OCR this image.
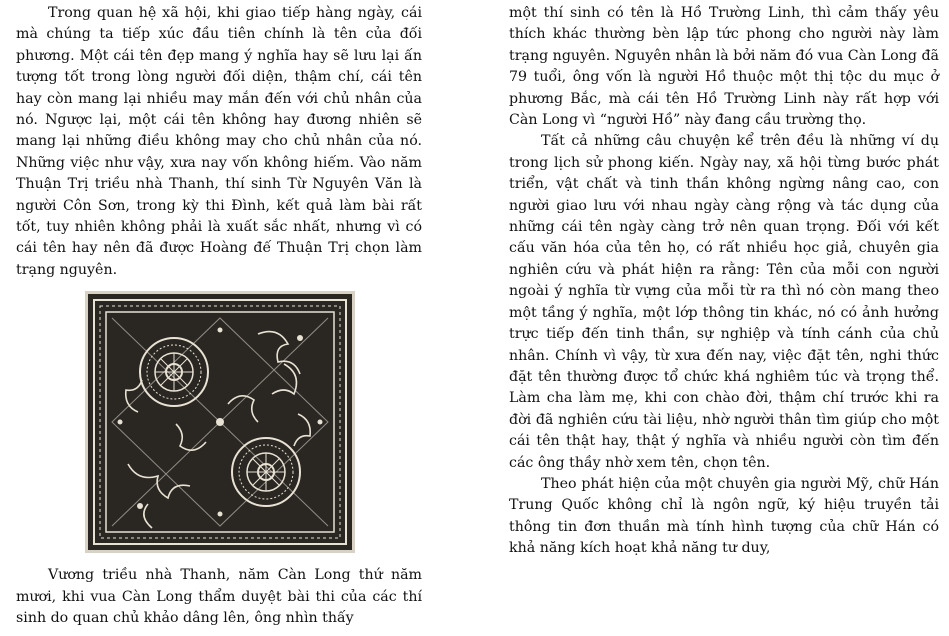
Trong quan hệ xã hội, khi giao tiếp hàng ngày, cái mà chúng ta tiếp xúc đầu tiên chính là tên của đối phương. Một cái tên đẹp mang ý nghĩa hay sẽ lưu lại ấn tượng tốt trong lòng người đối diện, thậm chí, cái tên hay còn mang lại nhiều may mắn đến với chủ nhân của nó. Ngược lại, một cái tên không hay đương nhiên sẽ mang lại những điều không may cho chủ nhân của nó. Những việc như vậy, xưa nay vốn không hiếm. Vào năm Thuận Trị triều nhà Thanh, thí sinh Từ Nguyên Văn là người Côn Sơn, trong kỳ thi Đình, kết quả làm bài rất tốt, tuy nhiên không phải là xuất sắc nhất, nhưng vì có cái tên hay nên đã được Hoàng đế Thuận Trị chọn làm trạng nguyên.

Vương triều nhà Thanh, năm Càn Long thứ năm mươi, khi vua Càn Long thẩm duyệt bài thi của các thí sinh do quan chủ khảo dâng lên, ông nhìn thấy

một thí sinh có tên là Hồ Trường Linh, thì cảm thấy yêu thích khác thường bèn lập tức phong cho người này làm trạng nguyên. Nguyên nhân là bởi năm đó vua Càn Long đã 79 tuổi, ông vốn là người Hồ thuộc một thị tộc du mục ở phương Bắc, mà cái tên Hồ Trường Linh này rất hợp với Càn Long vì “người Hồ” này đang cầu trường thọ.

Tất cả những câu chuyện kể trên đều là những ví dụ trong lịch sử phong kiến. Ngày nay, xã hội từng bước phát triển, vật chất và tinh thần không ngừng nâng cao, con người giao lưu với nhau ngày càng rộng và tác dụng của những cái tên ngày càng trở nên quan trọng. Đối với kết cấu văn hóa của tên họ, có rất nhiều học giả, chuyên gia nghiên cứu và phát hiện ra rằng: Tên của mỗi con người ngoài ý nghĩa từ vựng của mỗi từ ra thì nó còn mang theo một tầng ý nghĩa, một lớp thông tin khác, nó có ảnh hưởng trực tiếp đến tinh thần, sự nghiệp và tính cánh của chủ nhân. Chính vì vậy, từ xưa đến nay, việc đặt tên, nghi thức đặt tên thường được tổ chức khá nghiêm túc và trọng thể. Làm cha làm mẹ, khi con chào đời, thậm chí trước khi ra đời đã nghiên cứu tài liệu, nhờ người thân tìm giúp cho một cái tên thật hay, thật ý nghĩa và nhiều người còn tìm đến các ông thầy nhờ xem tên, chọn tên.

Theo phát hiện của một chuyên gia người Mỹ, chữ Hán Trung Quốc không chỉ là ngôn ngữ, ký hiệu truyền tải thông tin đơn thuần mà tính hình tượng của chữ Hán có khả năng kích hoạt khả năng tư duy,
